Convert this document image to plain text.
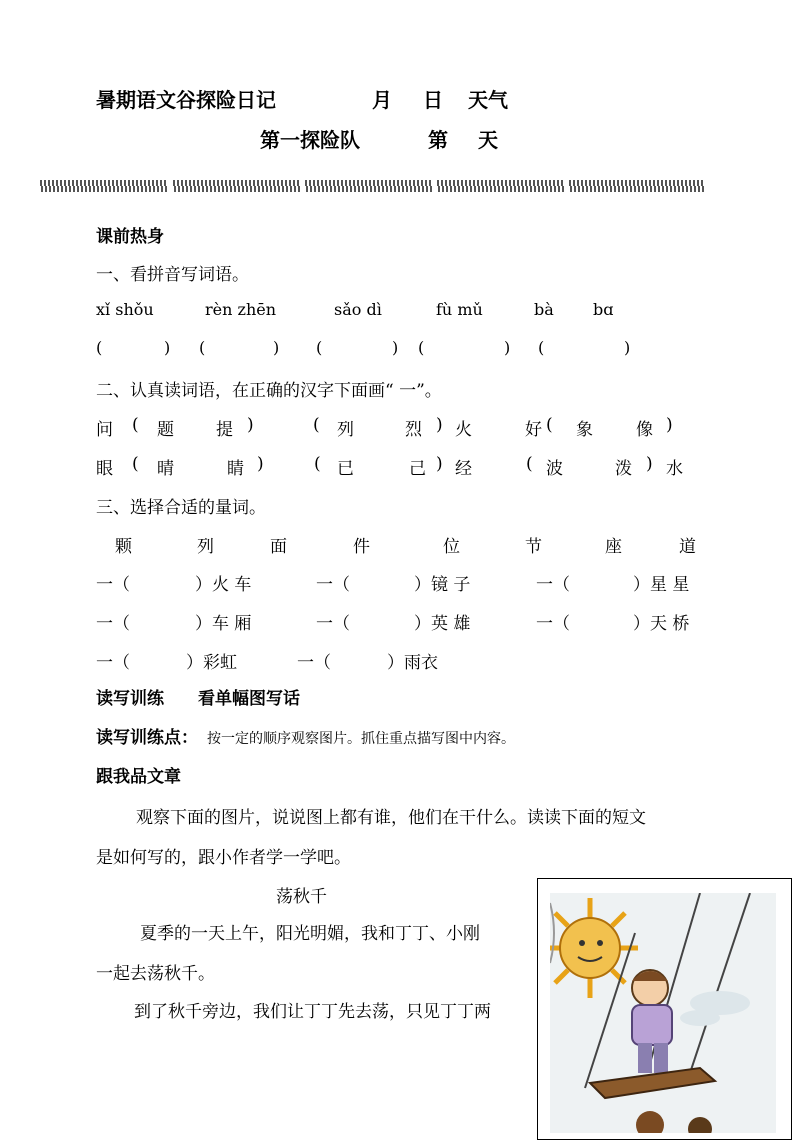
暑期语文谷探险日记	月 日 天气
第一探险队	第 天
课前热身
一、看拼音写词语。
xǐ shǒu	rèn zhēn	sǎo dì	fù mǔ	bà bɑ
(	) (	) (	) (	) (	)
二、认真读词语，在正确的汉字下面画“ 一”。
问 ( 题 提 )	( 列	烈 ) 火	好 ( 象	像 )
眼 ( 晴	睛 )	( 已	己 ) 经	( 波	泼 ) 水
三、选择合适的量词。
颗	列	面	件	位	节	座	道
一（	）火 车	一（	）镜 子	一（	）星 星
一（	）车 厢	一（	）英 雄	一（	）天 桥
一（	）彩虹	一（	）雨衣
读写训练 看单幅图写话
读写训练点： 按一定的顺序观察图片。抓住重点描写图中内容。
跟我品文章
观察下面的图片，说说图上都有谁，他们在干什么。读读下面的短文
是如何写的，跟小作者学一学吧。
荡秋千
夏季的一天上午，阳光明媚，我和丁丁、小刚
一起去荡秋千。
到了秋千旁边，我们让丁丁先去荡，只见丁丁两
